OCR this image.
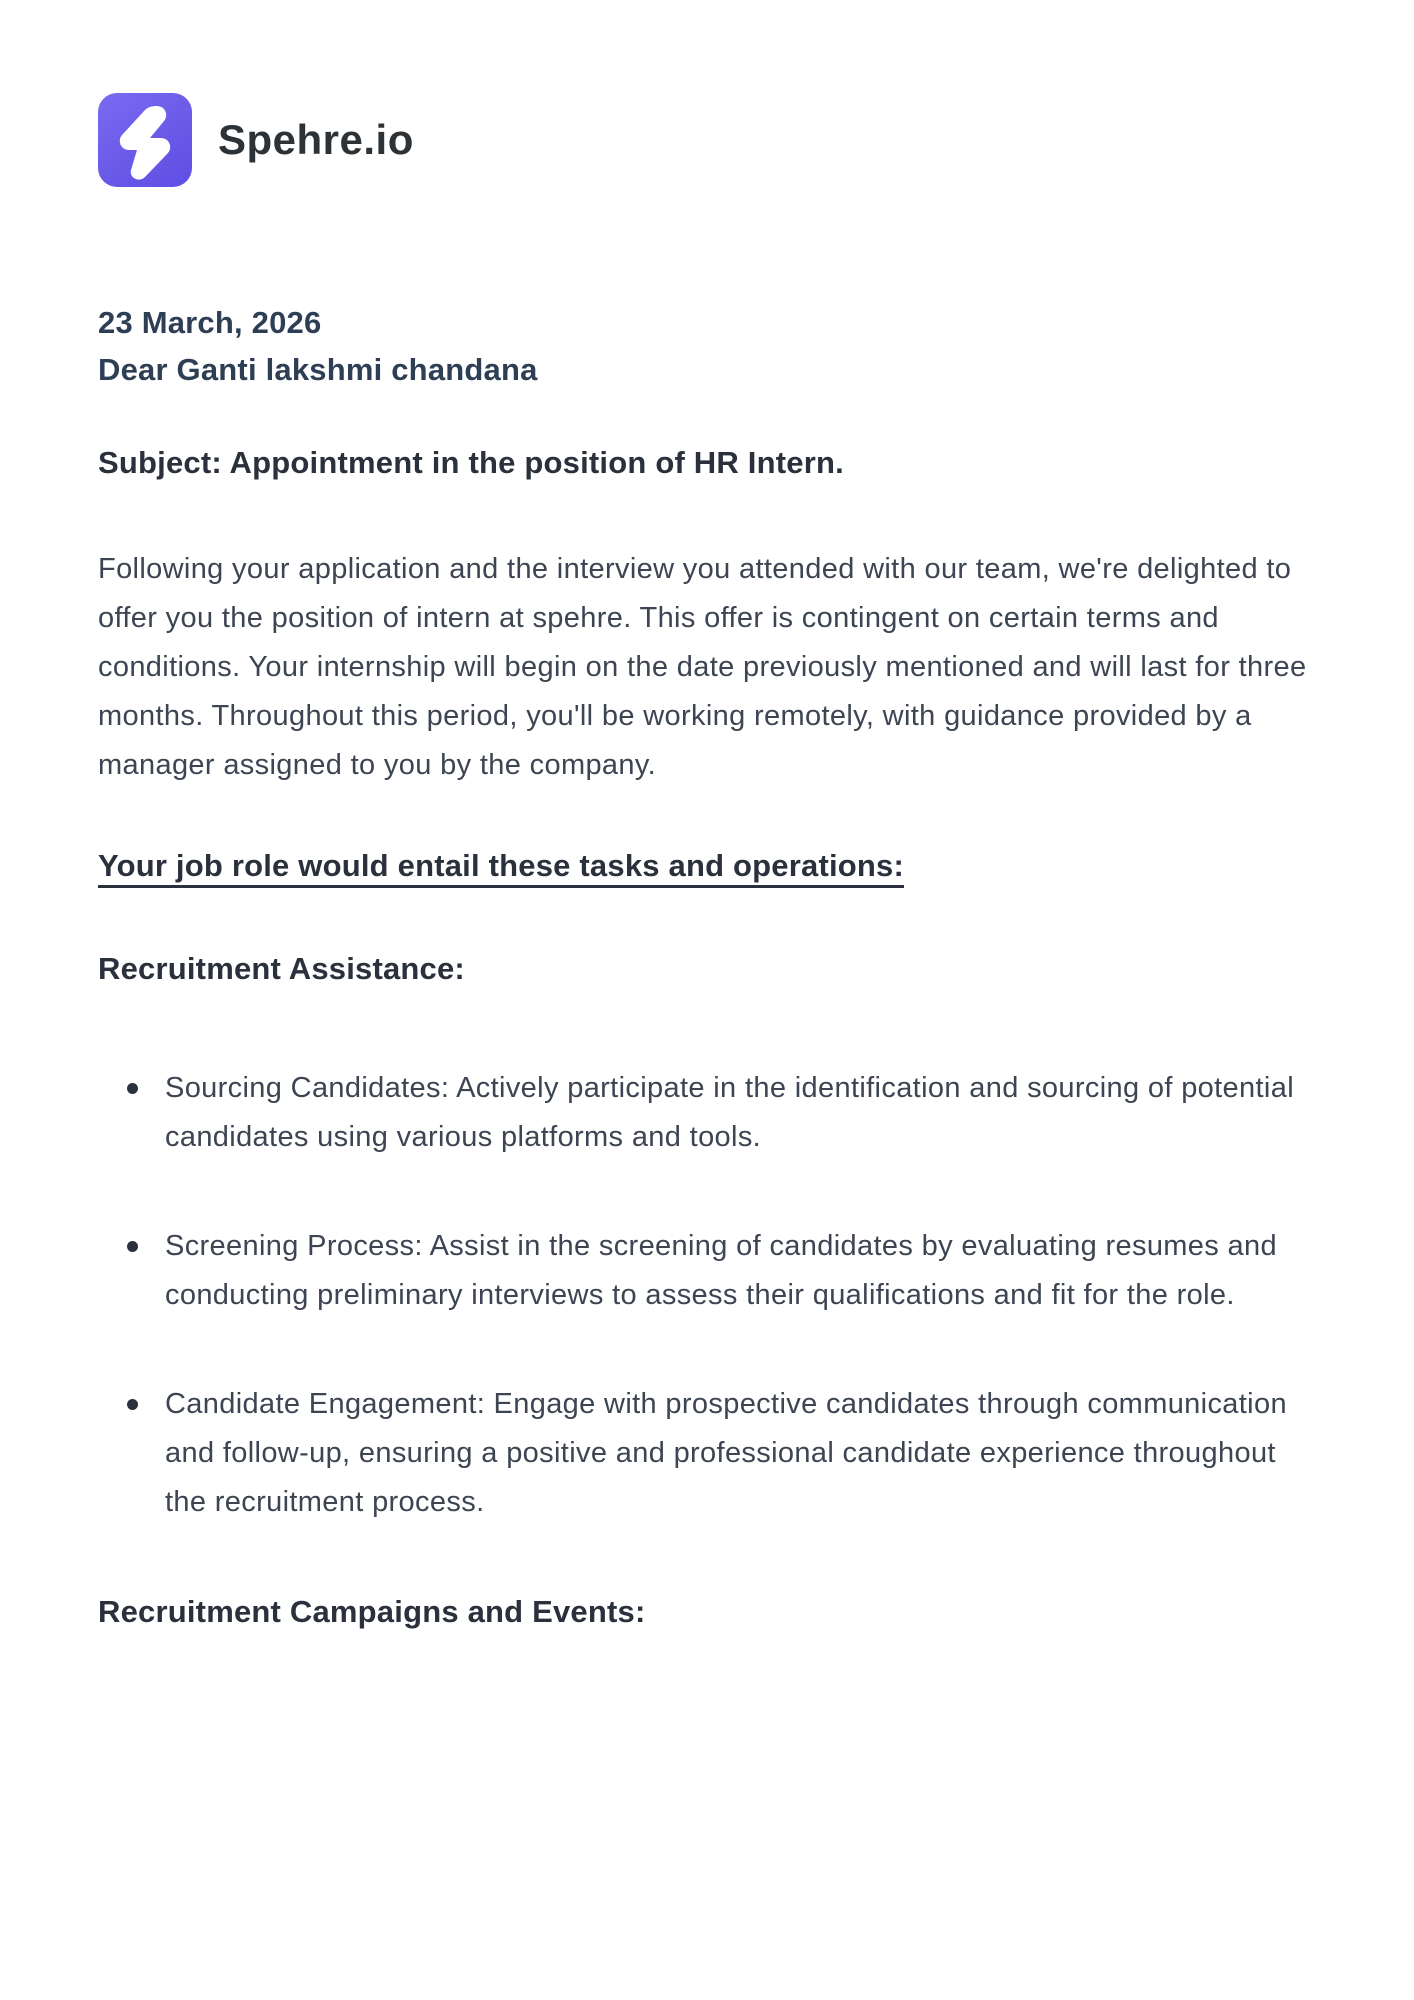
Spehre.io
23 March, 2026
Dear Ganti lakshmi chandana
Subject: Appointment in the position of HR Intern.

Following your application and the interview you attended with our team, we're delighted to offer you the position of intern at spehre. This offer is contingent on certain terms and conditions. Your internship will begin on the date previously mentioned and will last for three months. Throughout this period, you'll be working remotely, with guidance provided by a manager assigned to you by the company.

Your job role would entail these tasks and operations:
Recruitment Assistance:
Sourcing Candidates: Actively participate in the identification and sourcing of potential candidates using various platforms and tools.
Screening Process: Assist in the screening of candidates by evaluating resumes and conducting preliminary interviews to assess their qualifications and fit for the role.
Candidate Engagement: Engage with prospective candidates through communication and follow-up, ensuring a positive and professional candidate experience throughout the recruitment process.
Recruitment Campaigns and Events:
